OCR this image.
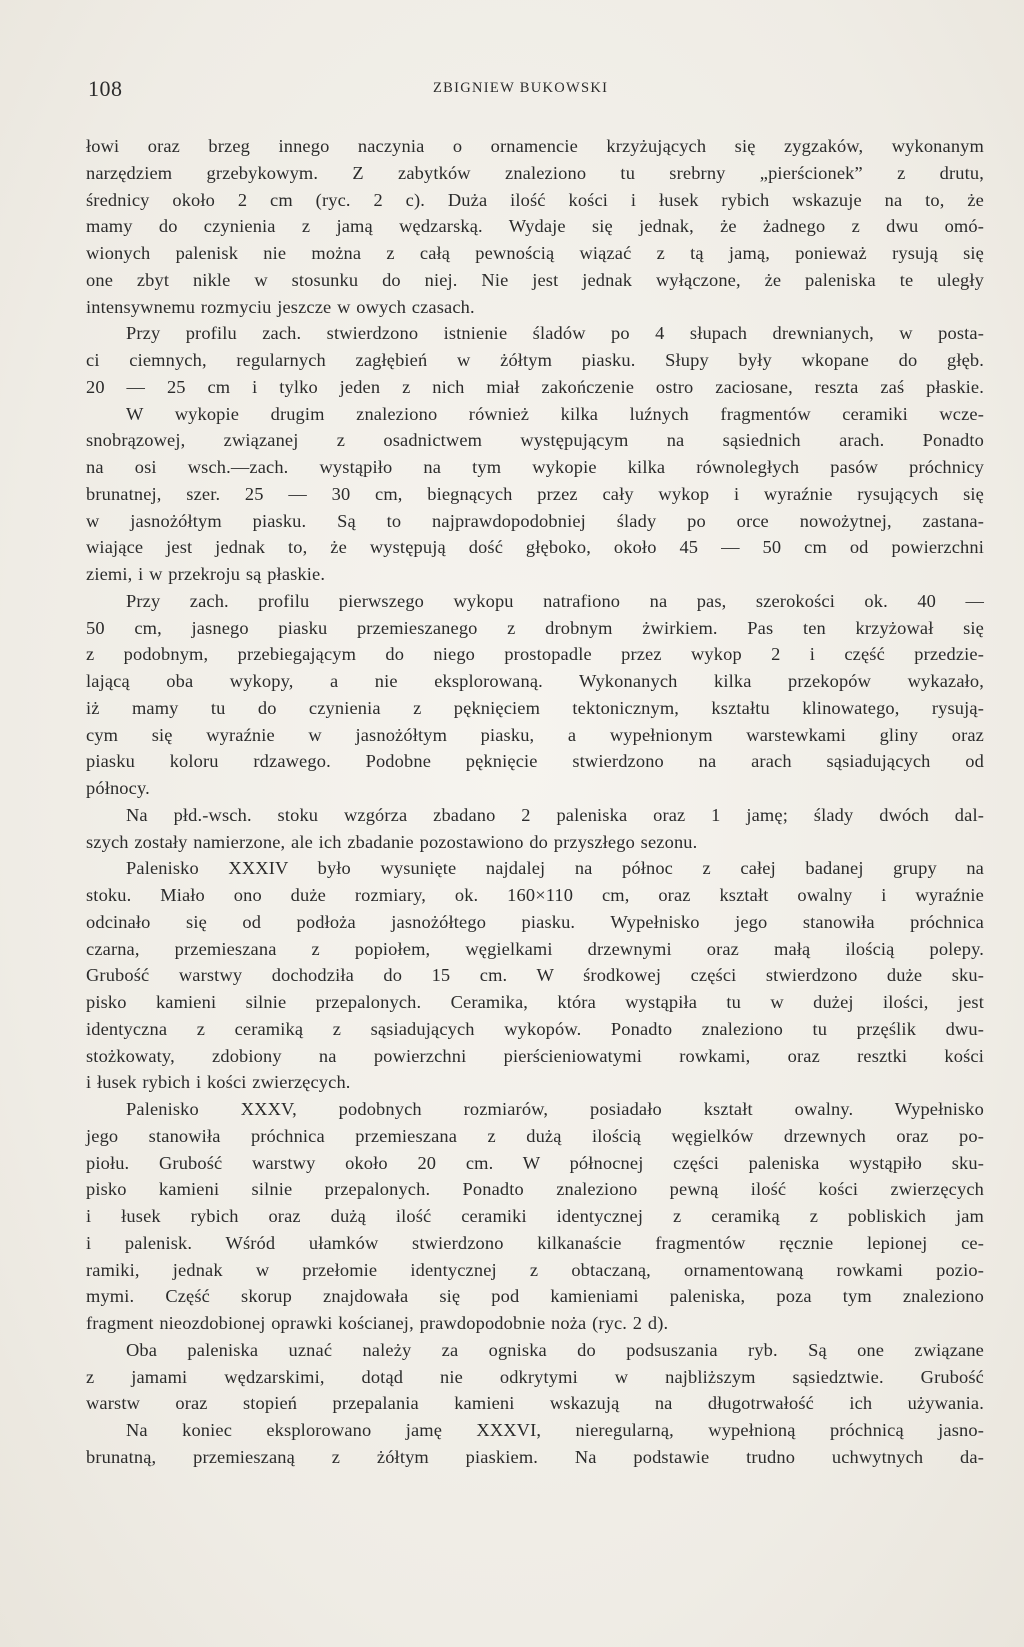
108	ZBIGNIEW BUKOWSKI
łowi oraz brzeg innego naczynia o ornamencie krzyżujących się zygzaków, wykonanym
narzędziem grzebykowym. Z zabytków znaleziono tu srebrny „pierścionek” z drutu,
średnicy około 2 cm (ryc. 2 c). Duża ilość kości i łusek rybich wskazuje na to, że
mamy do czynienia z jamą wędzarską. Wydaje się jednak, że żadnego z dwu omó-
wionych palenisk nie można z całą pewnością wiązać z tą jamą, ponieważ rysują się
one zbyt nikle w stosunku do niej. Nie jest jednak wyłączone, że paleniska te uległy
intensywnemu rozmyciu jeszcze w owych czasach.
Przy profilu zach. stwierdzono istnienie śladów po 4 słupach drewnianych, w posta-
ci ciemnych, regularnych zagłębień w żółtym piasku. Słupy były wkopane do głęb.
20 — 25 cm i tylko jeden z nich miał zakończenie ostro zaciosane, reszta zaś płaskie.
W wykopie drugim znaleziono również kilka luźnych fragmentów ceramiki wcze-
snobrązowej, związanej z osadnictwem występującym na sąsiednich arach. Ponadto
na osi wsch.—zach. wystąpiło na tym wykopie kilka równoległych pasów próchnicy
brunatnej, szer. 25 — 30 cm, biegnących przez cały wykop i wyraźnie rysujących się
w jasnożółtym piasku. Są to najprawdopodobniej ślady po orce nowożytnej, zastana-
wiające jest jednak to, że występują dość głęboko, około 45 — 50 cm od powierzchni
ziemi, i w przekroju są płaskie.
Przy zach. profilu pierwszego wykopu natrafiono na pas, szerokości ok. 40 —
50 cm, jasnego piasku przemieszanego z drobnym żwirkiem. Pas ten krzyżował się
z podobnym, przebiegającym do niego prostopadle przez wykop 2 i część przedzie-
lającą oba wykopy, a nie eksplorowaną. Wykonanych kilka przekopów wykazało,
iż mamy tu do czynienia z pęknięciem tektonicznym, kształtu klinowatego, rysują-
cym się wyraźnie w jasnożółtym piasku, a wypełnionym warstewkami gliny oraz
piasku koloru rdzawego. Podobne pęknięcie stwierdzono na arach sąsiadujących od
północy.
Na płd.-wsch. stoku wzgórza zbadano 2 paleniska oraz 1 jamę; ślady dwóch dal-
szych zostały namierzone, ale ich zbadanie pozostawiono do przyszłego sezonu.
Palenisko XXXIV było wysunięte najdalej na północ z całej badanej grupy na
stoku. Miało ono duże rozmiary, ok. 160×110 cm, oraz kształt owalny i wyraźnie
odcinało się od podłoża jasnożółtego piasku. Wypełnisko jego stanowiła próchnica
czarna, przemieszana z popiołem, węgielkami drzewnymi oraz małą ilością polepy.
Grubość warstwy dochodziła do 15 cm. W środkowej części stwierdzono duże sku-
pisko kamieni silnie przepalonych. Ceramika, która wystąpiła tu w dużej ilości, jest
identyczna z ceramiką z sąsiadujących wykopów. Ponadto znaleziono tu przęślik dwu-
stożkowaty, zdobiony na powierzchni pierścieniowatymi rowkami, oraz resztki kości
i łusek rybich i kości zwierzęcych.
Palenisko XXXV, podobnych rozmiarów, posiadało kształt owalny. Wypełnisko
jego stanowiła próchnica przemieszana z dużą ilością węgielków drzewnych oraz po-
piołu. Grubość warstwy około 20 cm. W północnej części paleniska wystąpiło sku-
pisko kamieni silnie przepalonych. Ponadto znaleziono pewną ilość kości zwierzęcych
i łusek rybich oraz dużą ilość ceramiki identycznej z ceramiką z pobliskich jam
i palenisk. Wśród ułamków stwierdzono kilkanaście fragmentów ręcznie lepionej ce-
ramiki, jednak w przełomie identycznej z obtaczaną, ornamentowaną rowkami pozio-
mymi. Część skorup znajdowała się pod kamieniami paleniska, poza tym znaleziono
fragment nieozdobionej oprawki kościanej, prawdopodobnie noża (ryc. 2 d).
Oba paleniska uznać należy za ogniska do podsuszania ryb. Są one związane
z jamami wędzarskimi, dotąd nie odkrytymi w najbliższym sąsiedztwie. Grubość
warstw oraz stopień przepalania kamieni wskazują na długotrwałość ich używania.
Na koniec eksplorowano jamę XXXVI, nieregularną, wypełnioną próchnicą jasno-
brunatną, przemieszaną z żółtym piaskiem. Na podstawie trudno uchwytnych da-
